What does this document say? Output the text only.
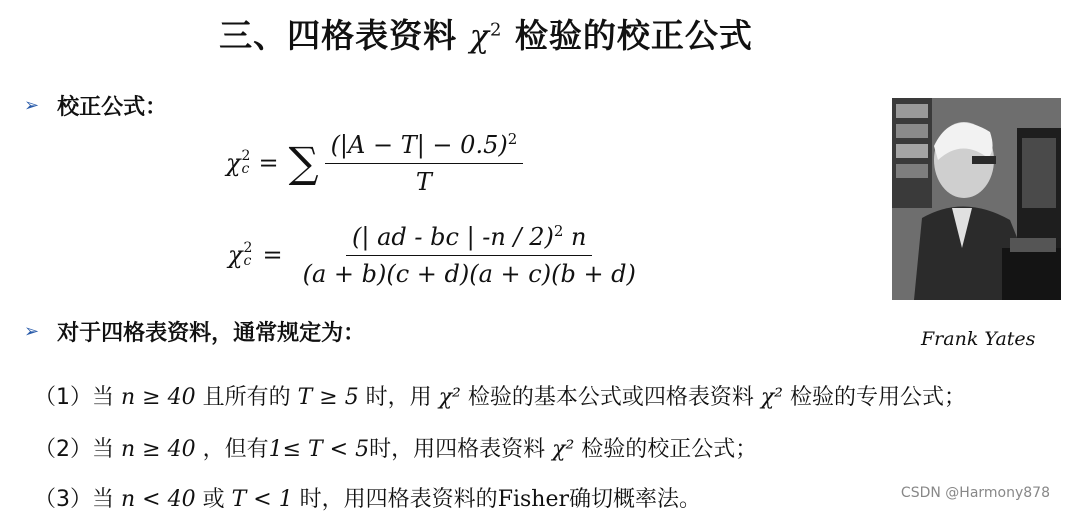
三、四格表资料 $\chi^2$ 检验的校正公式
➢ 校正公式：
χ 2
c = ∑ $\frac{(|A - T| - 0.5)^2}{T}$
χ 2
$c = \frac{(| ad - bc | -n / 2)^2 n}{(a + b)(c + d)(a + c)(b + d)}$
➢ 对于四格表资料，通常规定为：	Frank Yates
（1）当 n ≥ 40 且所有的 T ≥ 5 时，用 χ² 检验的基本公式或四格表资料 χ² 检验的专用公式；
（2）当 n ≥ 40 ，但有1≤ T < 5时，用四格表资料 χ² 检验的校正公式；
（3）当 n < 40 或 T < 1 时，用四格表资料的Fisher确切概率法。	CSDN @Harmony878
